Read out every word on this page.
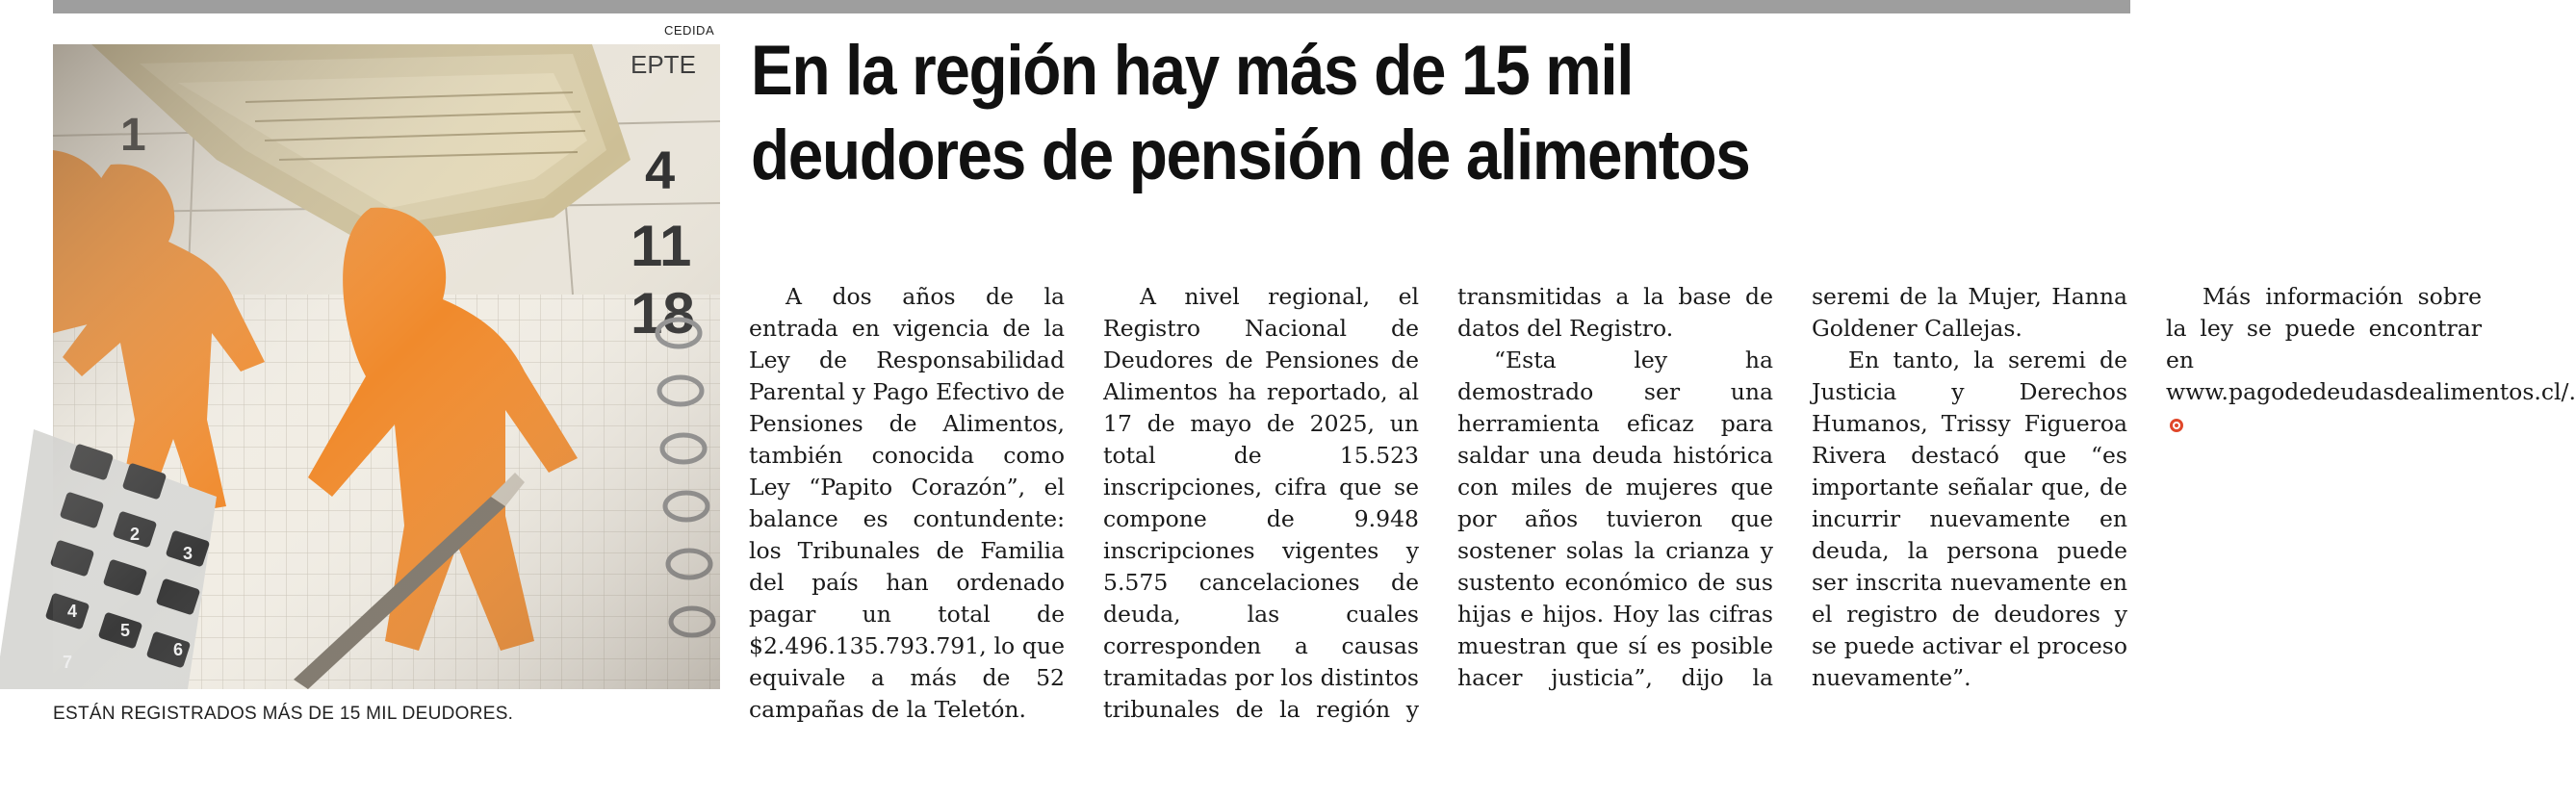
CEDIDA
ESTÁN REGISTRADOS MÁS DE 15 MIL DEUDORES.
En la región hay más de 15 mil
deudores de pensión de alimentos

A dos años de la entrada en vigencia de la Ley de Responsabilidad Parental y Pago Efectivo de Pensiones de Alimentos, también conocida como Ley “Papito Corazón”, el balance es contundente: los Tribunales de Familia del país han ordenado pagar un total de $2.496.135.793.791, lo que equivale a más de 52 campañas de la Teletón.

A nivel regional, el Registro Nacional de Deudores de Pensiones de Alimentos ha reportado, al 17 de mayo de 2025, un total de 15.523 inscripciones, cifra que se compone de 9.948 inscripciones vigentes y 5.575 cancelaciones de deuda, las cuales corresponden a causas tramitadas por los distintos tribunales de la región y transmitidas a la base de datos del Registro.

“Esta ley ha demostrado ser una herramienta eficaz para saldar una deuda histórica con miles de mujeres que por años tuvieron que sostener solas la crianza y sustento económico de sus hijas e hijos. Hoy las cifras muestran que sí es posible hacer justicia”, dijo la seremi de la Mujer, Hanna Goldener Callejas.

En tanto, la seremi de Justicia y Derechos Humanos, Trissy Figueroa Rivera destacó que “es importante señalar que, de incurrir nuevamente en deuda, la persona puede ser inscrita nuevamente en el registro de deudores y se puede activar el proceso nuevamente”.

Más información sobre la ley se puede encontrar en www.pagodedeudasdealimentos.cl/.
